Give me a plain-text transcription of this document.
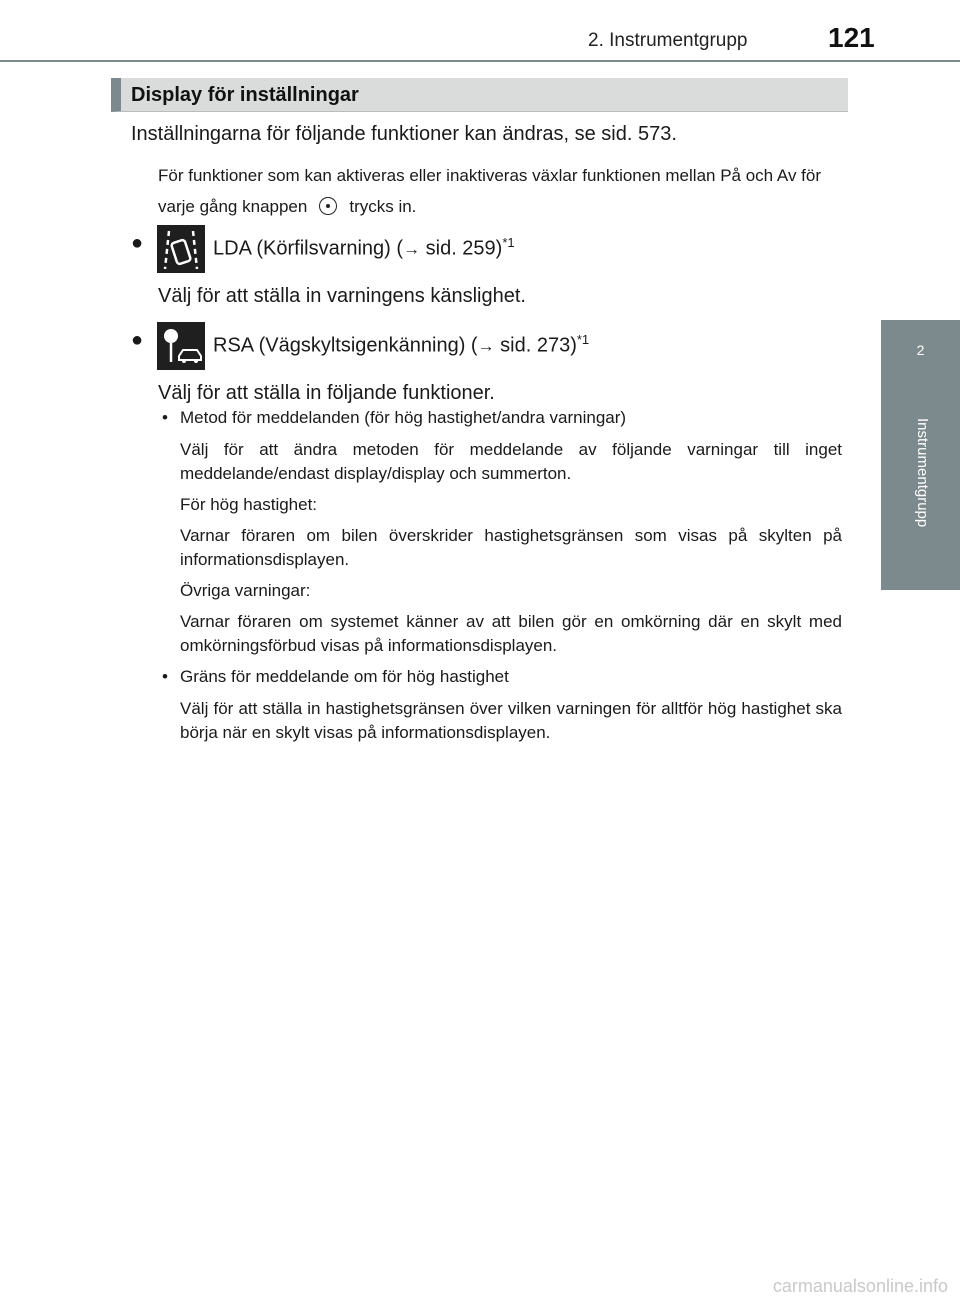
2. Instrumentgrupp	121
2
Instrumentgrupp
Display för inställningar
Inställningarna för följande funktioner kan ändras, se sid. 573.
För funktioner som kan aktiveras eller inaktiveras växlar funktionen mellan På och Av för varje gång knappen trycks in.
●	LDA (Körfilsvarning) (→ sid. 259)$^{*1}$
Välj för att ställa in varningens känslighet.
●	RSA (Vägskyltsigenkänning) (→ sid. 273)$^{*1}$
Välj för att ställa in följande funktioner.
• Metod för meddelanden (för hög hastighet/andra varningar)

Välj för att ändra metoden för meddelande av följande varningar till inget meddelande/endast display/display och summerton.

För hög hastighet:

Varnar föraren om bilen överskrider hastighetsgränsen som visas på skylten på informationsdisplayen.

Övriga varningar:

Varnar föraren om systemet känner av att bilen gör en omkörning där en skylt med omkörningsförbud visas på informationsdisplayen.

• Gräns för meddelande om för hög hastighet

Välj för att ställa in hastighetsgränsen över vilken varningen för alltför hög hastighet ska börja när en skylt visas på informationsdisplayen.

carmanualsonline.info
